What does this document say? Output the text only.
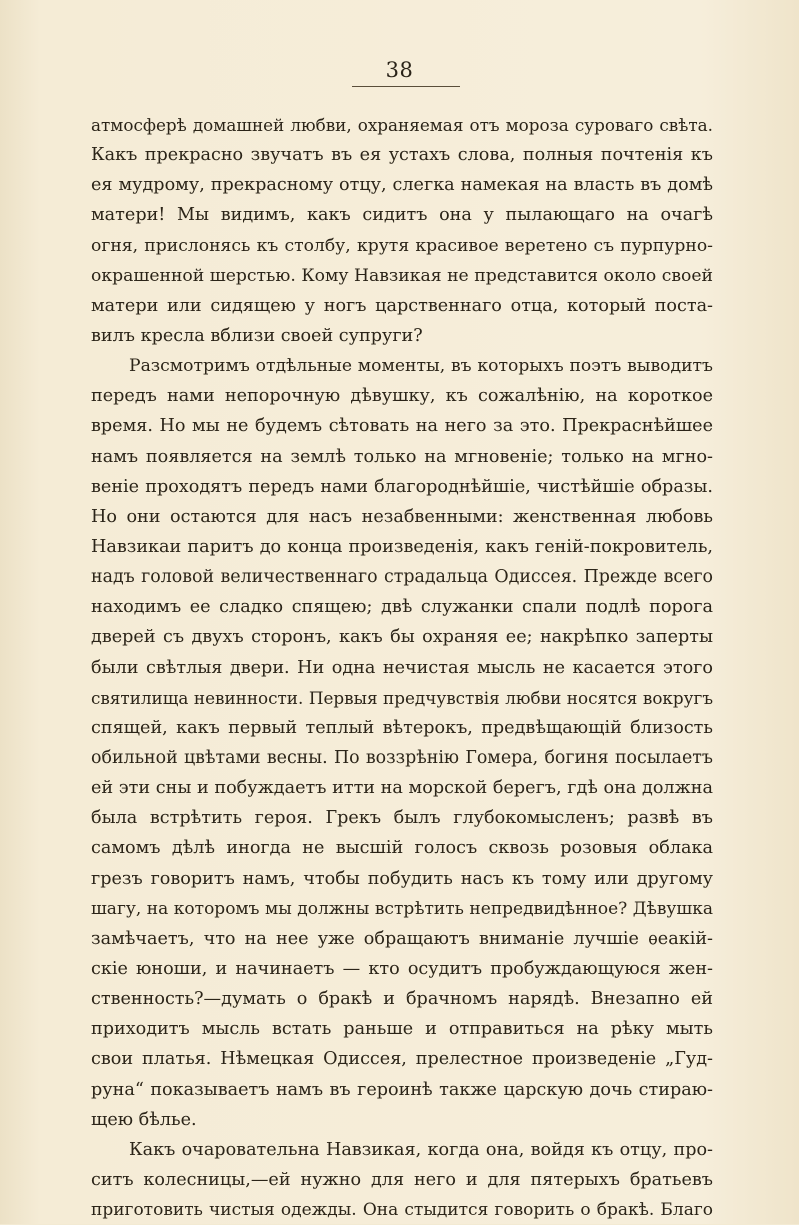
38
атмосферѣ домашней любви, охраняемая отъ мороза суроваго свѣта.
Какъ прекрасно звучатъ въ ея устахъ слова, полныя почтенія къ
ея мудрому, прекрасному отцу, слегка намекая на власть въ домѣ
матери! Мы видимъ, какъ сидитъ она у пылающаго на очагѣ
огня, прислонясь къ столбу, крутя красивое веретено съ пурпурно-
окрашенной шерстью. Кому Навзикая не представится около своей
матери или сидящею у ногъ царственнаго отца, который поста-
вилъ кресла вблизи своей супруги?
Разсмотримъ отдѣльные моменты, въ которыхъ поэтъ выводитъ
передъ нами непорочную дѣвушку, къ сожалѣнію, на короткое
время. Но мы не будемъ сѣтовать на него за это. Прекраснѣйшее
намъ появляется на землѣ только на мгновеніе; только на мгно-
веніе проходятъ передъ нами благороднѣйшіе, чистѣйшіе образы.
Но они остаются для насъ незабвенными: женственная любовь
Навзикаи паритъ до конца произведенія, какъ геній-покровитель,
надъ головой величественнаго страдальца Одиссея. Прежде всего
находимъ ее сладко спящею; двѣ служанки спали подлѣ порога
дверей съ двухъ сторонъ, какъ бы охраняя ее; накрѣпко заперты
были свѣтлыя двери. Ни одна нечистая мысль не касается этого
святилища невинности. Первыя предчувствія любви носятся вокругъ
спящей, какъ первый теплый вѣтерокъ, предвѣщающій близость
обильной цвѣтами весны. По воззрѣнію Гомера, богиня посылаетъ
ей эти сны и побуждаетъ итти на морской берегъ, гдѣ она должна
была встрѣтить героя. Грекъ былъ глубокомысленъ; развѣ въ
самомъ дѣлѣ иногда не высшій голосъ сквозь розовыя облака
грезъ говоритъ намъ, чтобы побудить насъ къ тому или другому
шагу, на которомъ мы должны встрѣтить непредвидѣнное? Дѣвушка
замѣчаетъ, что на нее уже обращаютъ вниманіе лучшіе ѳеакій-
скіе юноши, и начинаетъ — кто осудитъ пробуждающуюся жен-
ственность?—думать о бракѣ и брачномъ нарядѣ. Внезапно ей
приходитъ мысль встать раньше и отправиться на рѣку мыть
свои платья. Нѣмецкая Одиссея, прелестное произведеніе „Гуд-
руна“ показываетъ намъ въ героинѣ также царскую дочь стираю-
щею бѣлье.
Какъ очаровательна Навзикая, когда она, войдя къ отцу, про-
ситъ колесницы,—ей нужно для него и для пятерыхъ братьевъ
приготовить чистыя одежды. Она стыдится говорить о бракѣ. Благо
